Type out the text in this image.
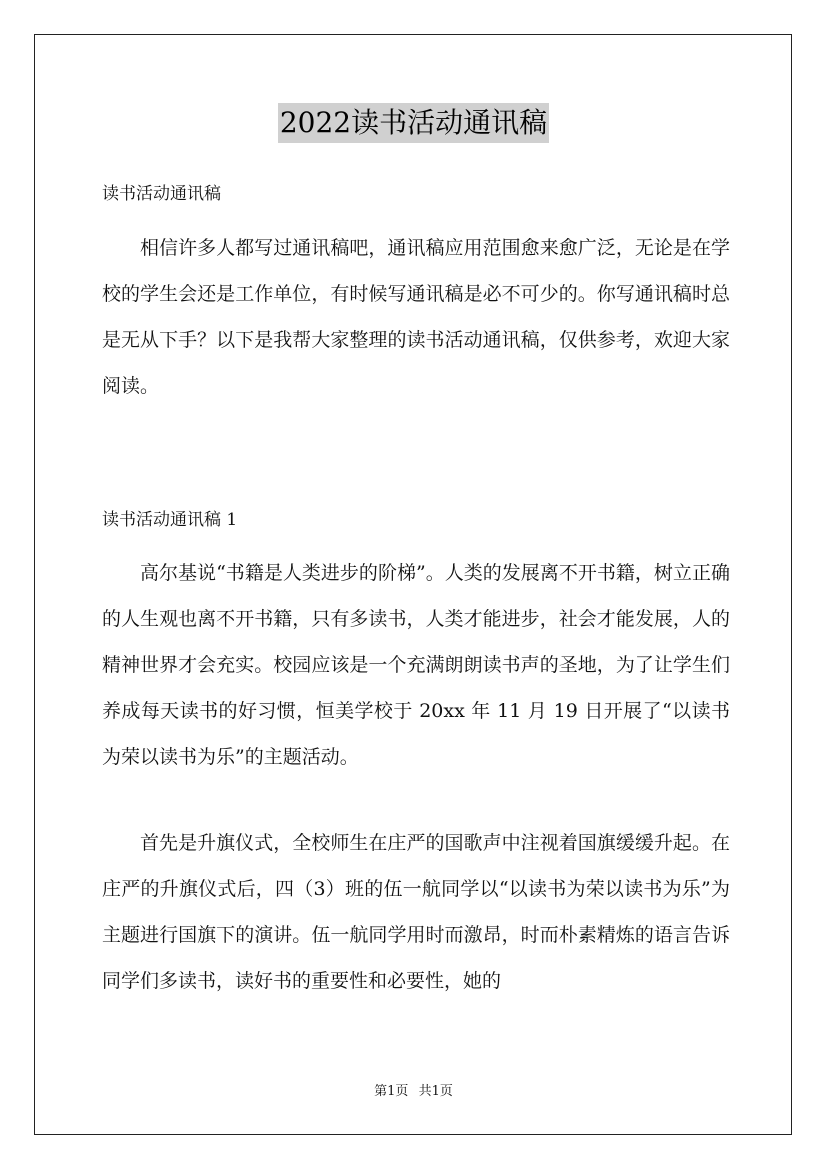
2022读书活动通讯稿
读书活动通讯稿

相信许多人都写过通讯稿吧，通讯稿应用范围愈来愈广泛，无论是在学校的学生会还是工作单位，有时候写通讯稿是必不可少的。你写通讯稿时总是无从下手？以下是我帮大家整理的读书活动通讯稿，仅供参考，欢迎大家阅读。

读书活动通讯稿 1

高尔基说“书籍是人类进步的阶梯”。人类的发展离不开书籍，树立正确的人生观也离不开书籍，只有多读书，人类才能进步，社会才能发展，人的精神世界才会充实。校园应该是一个充满朗朗读书声的圣地，为了让学生们养成每天读书的好习惯，恒美学校于 20xx 年 11 月 19 日开展了“以读书为荣以读书为乐”的主题活动。

首先是升旗仪式，全校师生在庄严的国歌声中注视着国旗缓缓升起。在庄严的升旗仪式后，四（3）班的伍一航同学以“以读书为荣以读书为乐”为主题进行国旗下的演讲。伍一航同学用时而激昂，时而朴素精炼的语言告诉同学们多读书，读好书的重要性和必要性，她的

第1页 共1页
